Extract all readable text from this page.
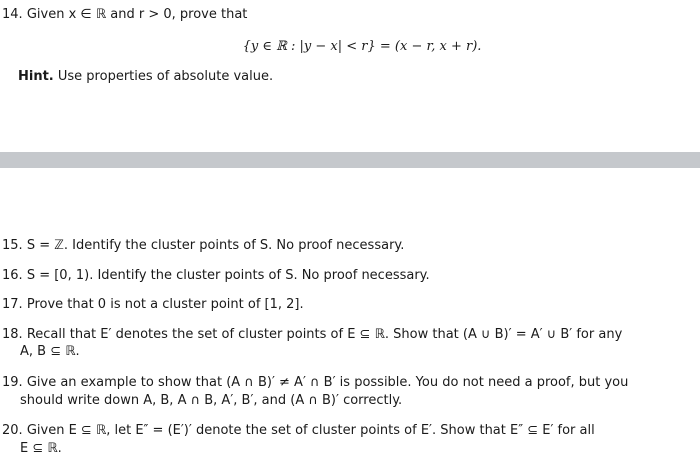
14. Given x ∈ ℝ and r > 0, prove that
{y ∈ ℝ : |y − x| < r} = (x − r, x + r).
Hint. Use properties of absolute value.
15. S = ℤ. Identify the cluster points of S. No proof necessary.
16. S = [0, 1). Identify the cluster points of S. No proof necessary.
17. Prove that 0 is not a cluster point of [1, 2].
18. Recall that E′ denotes the set of cluster points of E ⊆ ℝ. Show that (A ∪ B)′ = A′ ∪ B′ for any
A, B ⊆ ℝ.
19. Give an example to show that (A ∩ B)′ ≠ A′ ∩ B′ is possible. You do not need a proof, but you
should write down A, B, A ∩ B, A′, B′, and (A ∩ B)′ correctly.
20. Given E ⊆ ℝ, let E″ = (E′)′ denote the set of cluster points of E′. Show that E″ ⊆ E′ for all
E ⊆ ℝ.
